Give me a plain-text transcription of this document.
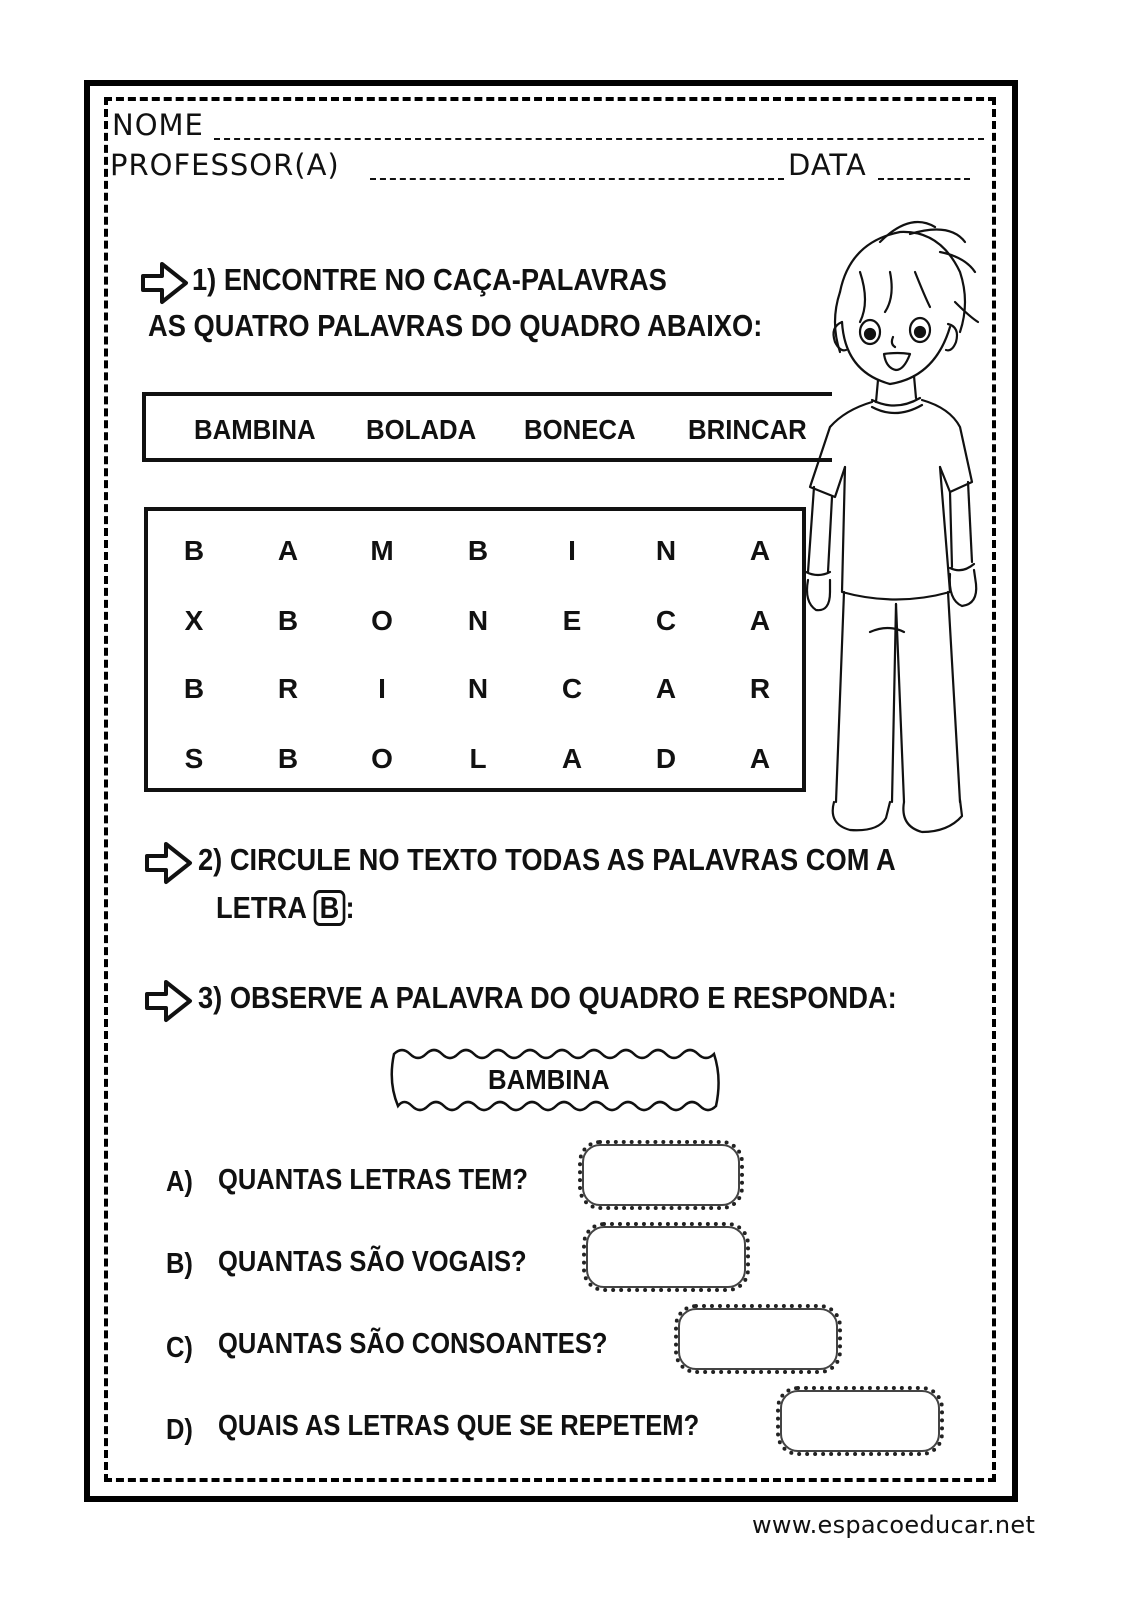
NOME
PROFESSOR(A)	DATA
1) ENCONTRE NO CAÇA-PALAVRAS
AS QUATRO PALAVRAS DO QUADRO ABAIXO:
BAMBINA BOLADA BONECA BRINCAR
B	A	M	B	I	N	A
X	B	O	N	E	C	A
B	R	I	N	C	A	R
S	B	O	L	A	D	A
2) CIRCULE NO TEXTO TODAS AS PALAVRAS COM A
LETRA B :
3) OBSERVE A PALAVRA DO QUADRO E RESPONDA:
BAMBINA
A) QUANTAS LETRAS TEM?
B) QUANTAS SÃO VOGAIS?
C) QUANTAS SÃO CONSOANTES?
D) QUAIS AS LETRAS QUE SE REPETEM?
www.espacoeducar.net
